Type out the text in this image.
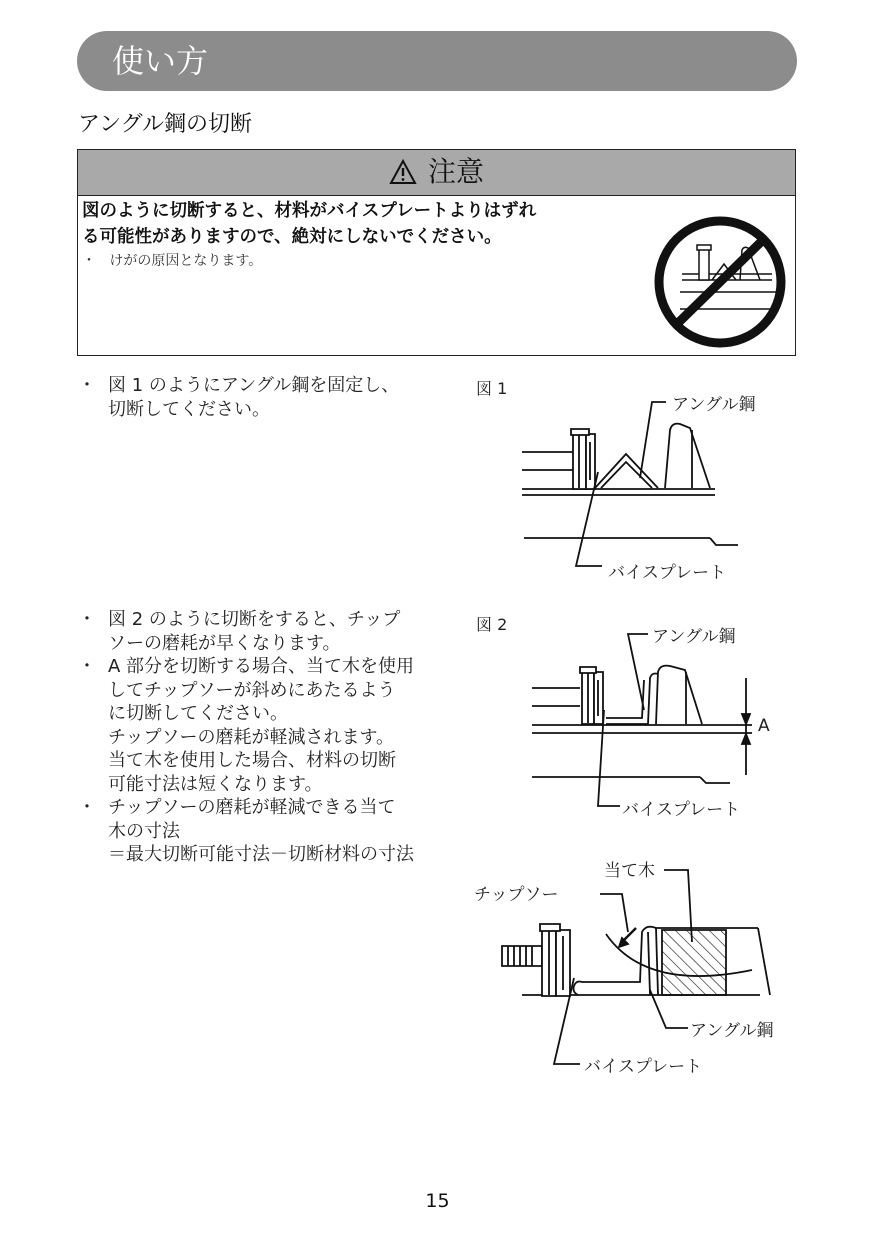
使い方
アングル鋼の切断
注意
図のように切断すると、材料がバイスプレートよりはずれ
る可能性がありますので、絶対にしないでください。
・ けがの原因となります。
・ 図 1 のようにアングル鋼を固定し、
切断してください。
図 1
アングル鋼
バイスプレート
・
・
・
図 2 のように切断をすると、チップ
ソーの磨耗が早くなります。
A 部分を切断する場合、当て木を使用
してチップソーが斜めにあたるよう
に切断してください。
チップソーの磨耗が軽減されます。
当て木を使用した場合、材料の切断
可能寸法は短くなります。
チップソーの磨耗が軽減できる当て
木の寸法
＝最大切断可能寸法－切断材料の寸法
図 2
アングル鋼
A
バイスプレート
当て木
チップソー
アングル鋼
バイスプレート
15
